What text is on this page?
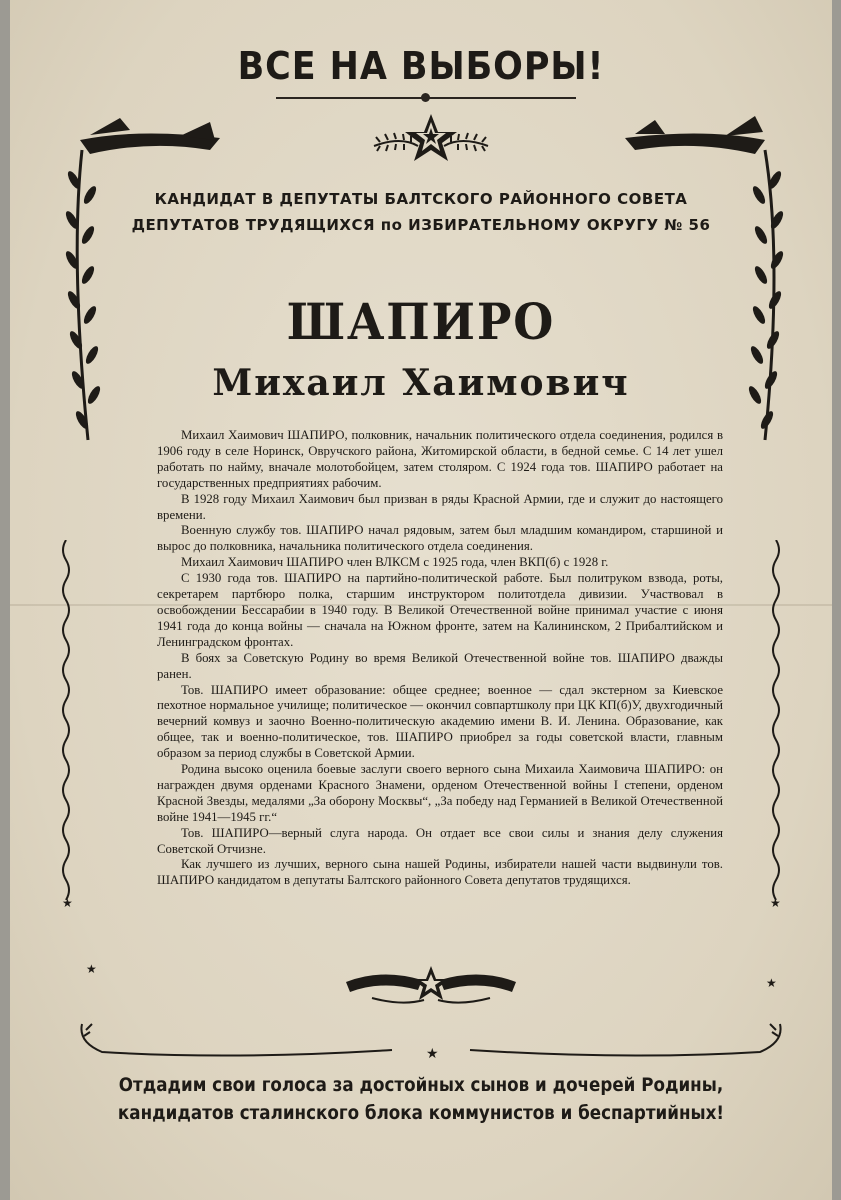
ВСЕ НА ВЫБОРЫ!
КАНДИДАТ В ДЕПУТАТЫ БАЛТСКОГО РАЙОННОГО СОВЕТА
ДЕПУТАТОВ ТРУДЯЩИХСЯ по ИЗБИРАТЕЛЬНОМУ ОКРУГУ № 56
ШАПИРО
Михаил Хаимович

Михаил Хаимович ШАПИРО, полковник, начальник политического отдела соединения, родился в 1906 году в селе Норинск, Овручского района, Житомирской области, в бедной семье. С 14 лет ушел работать по найму, вначале молотобойцем, затем столяром. С 1924 года тов. ШАПИРО работает на государственных предприятиях рабочим.

В 1928 году Михаил Хаимович был призван в ряды Красной Армии, где и служит до настоящего времени.

Военную службу тов. ШАПИРО начал рядовым, затем был младшим командиром, старшиной и вырос до полковника, начальника политического отдела соединения.

Михаил Хаимович ШАПИРО член ВЛКСМ с 1925 года, член ВКП(б) с 1928 г.

С 1930 года тов. ШАПИРО на партийно-политической работе. Был политруком взвода, роты, секретарем партбюро полка, старшим инструктором политотдела дивизии. Участвовал в освобождении Бессарабии в 1940 году. В Великой Отечественной войне принимал участие с июня 1941 года до конца войны — сначала на Южном фронте, затем на Калининском, 2 Прибалтийском и Ленинградском фронтах.

В боях за Советскую Родину во время Великой Отечественной войне тов. ШАПИРО дважды ранен.

Тов. ШАПИРО имеет образование: общее среднее; военное — сдал экстерном за Киевское пехотное нормальное училище; политическое — окончил совпартшколу при ЦК КП(б)У, двухгодичный вечерний комвуз и заочно Военно-политическую академию имени В. И. Ленина. Образование, как общее, так и военно-политическое, тов. ШАПИРО приобрел за годы советской власти, главным образом за период службы в Советской Армии.

Родина высоко оценила боевые заслуги своего верного сына Михаила Хаимовича ШАПИРО: он награжден двумя орденами Красного Знамени, орденом Отечественной войны I степени, орденом Красной Звезды, медалями „За оборону Москвы“, „За победу над Германией в Великой Отечественной войне 1941—1945 гг.“

Тов. ШАПИРО—верный слуга народа. Он отдает все свои силы и знания делу служения Советской Отчизне.

Как лучшего из лучших, верного сына нашей Родины, избиратели нашей части выдвинули тов. ШАПИРО кандидатом в депутаты Балтского районного Совета депутатов трудящихся.

★
★
★
★
★
Отдадим свои голоса за достойных сынов и дочерей Родины,
кандидатов сталинского блока коммунистов и беспартийных!
